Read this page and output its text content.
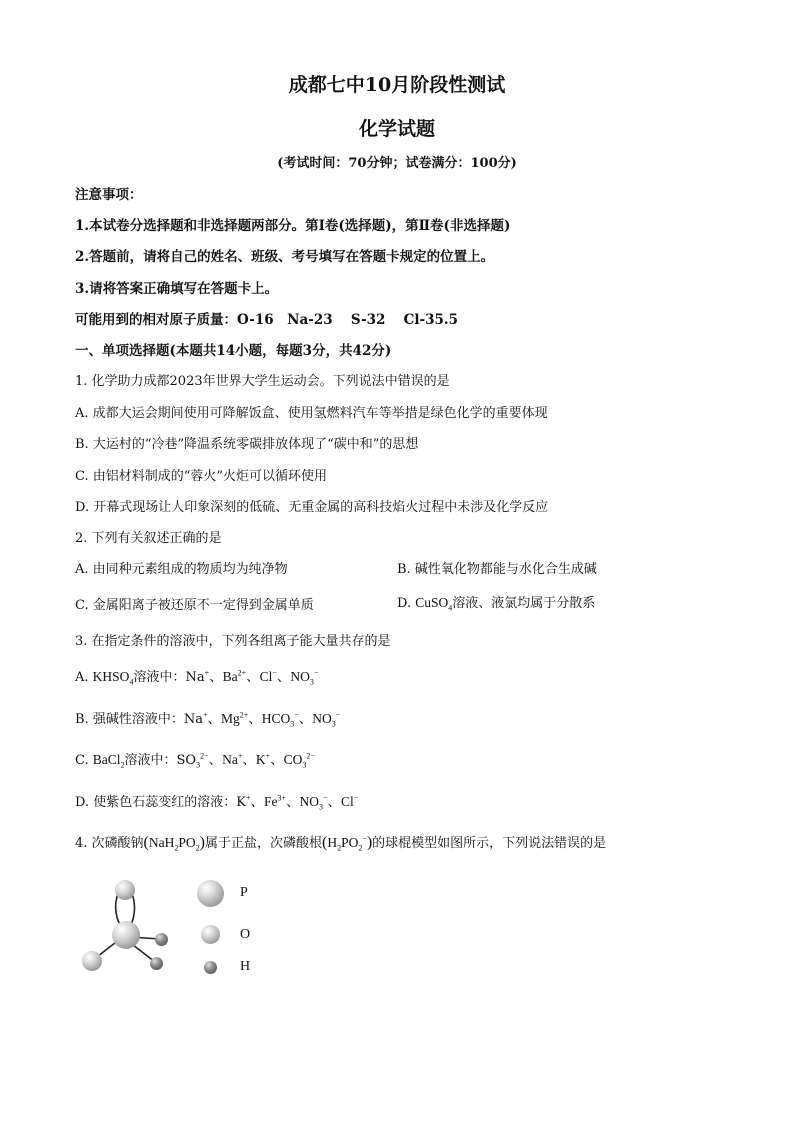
成都七中10月阶段性测试
化学试题
(考试时间：70分钟；试卷满分：100分)
注意事项：
1.本试卷分选择题和非选择题两部分。第Ⅰ卷(选择题)，第Ⅱ卷(非选择题)
2.答题前，请将自己的姓名、班级、考号填写在答题卡规定的位置上。
3.请将答案正确填写在答题卡上。
可能用到的相对原子质量：O-16　Na-23　 S-32　 Cl-35.5
一、单项选择题(本题共14小题，每题3分，共42分)
1. 化学助力成都2023年世界大学生运动会。下列说法中错误的是
A. 成都大运会期间使用可降解饭盒、使用氢燃料汽车等举措是绿色化学的重要体现
B. 大运村的“冷巷”降温系统零碳排放体现了“碳中和”的思想
C. 由铝材料制成的“蓉火”火炬可以循环使用
D. 开幕式现场让人印象深刻的低硫、无重金属的高科技焰火过程中未涉及化学反应
2. 下列有关叙述正确的是
A. 由同种元素组成的物质均为纯净物	B. 碱性氧化物都能与水化合生成碱
C. 金属阳离子被还原不一定得到金属单质	D. CuSO$_4$溶液、液氯均属于分散系
3. 在指定条件的溶液中，下列各组离子能大量共存的是
A. $KHSO_4$溶液中：Na+、$Ba^{2+}$、Cl−、$NO_3^-$
B. 强碱性溶液中：Na+、$Mg^{2+}$、$HCO_3^-$、$NO_3^-$
C. BaCl$_2$溶液中：$SO_3^{2-}$、Na+、K+、$CO_3^{2-}$
D. 使紫色石蕊变红的溶液：K+、$Fe^{3+}$、$NO_3^-$、Cl−
4. 次磷酸钠$(NaH_2PO_2)$属于正盐，次磷酸根$(H_2PO_2^-)$的球棍模型如图所示，下列说法错误的是
P
O
H
